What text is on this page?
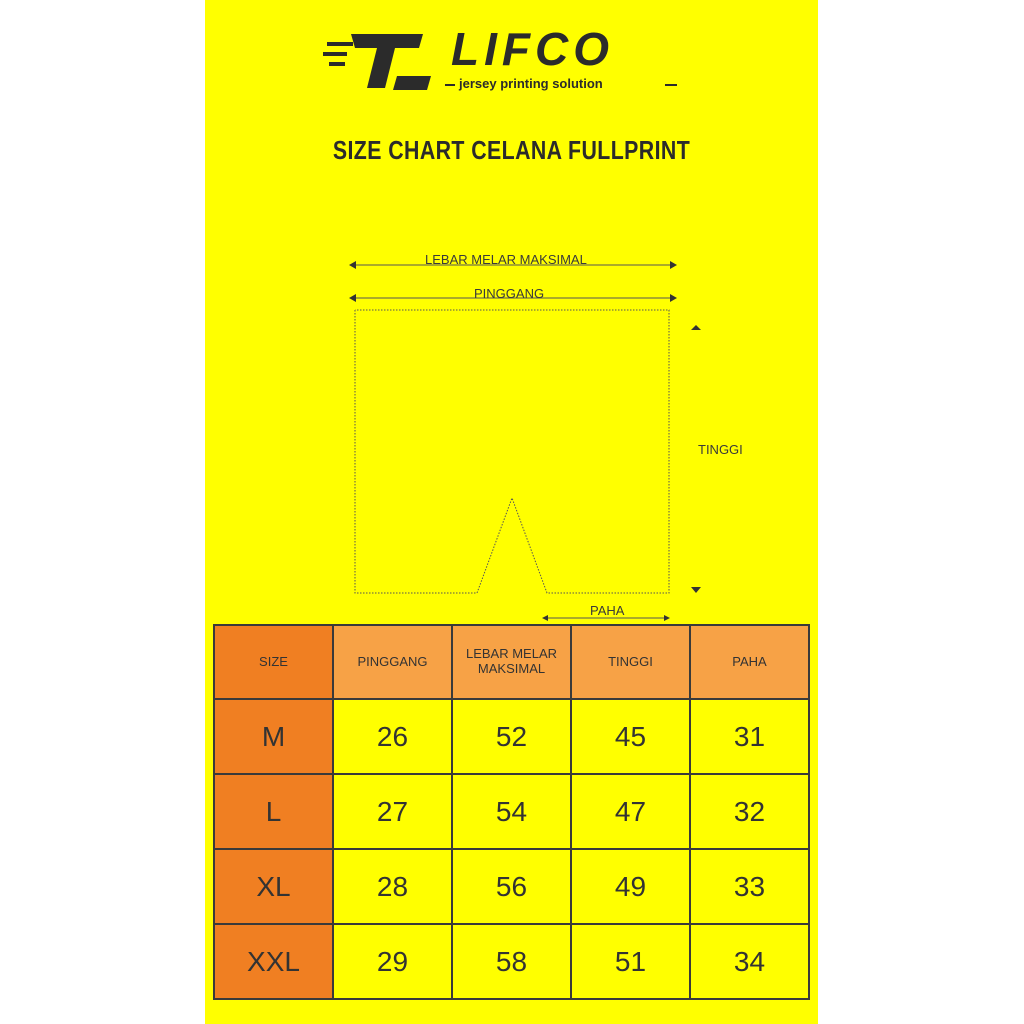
LIFCO
jersey printing solution
SIZE CHART CELANA FULLPRINT
LEBAR MELAR MAKSIMAL
PINGGANG
TINGGI
PAHA
SIZE	PINGGANG	LEBAR MELAR MAKSIMAL	TINGGI	PAHA
M	26	52	45	31
L	27	54	47	32
XL	28	56	49	33
XXL	29	58	51	34
